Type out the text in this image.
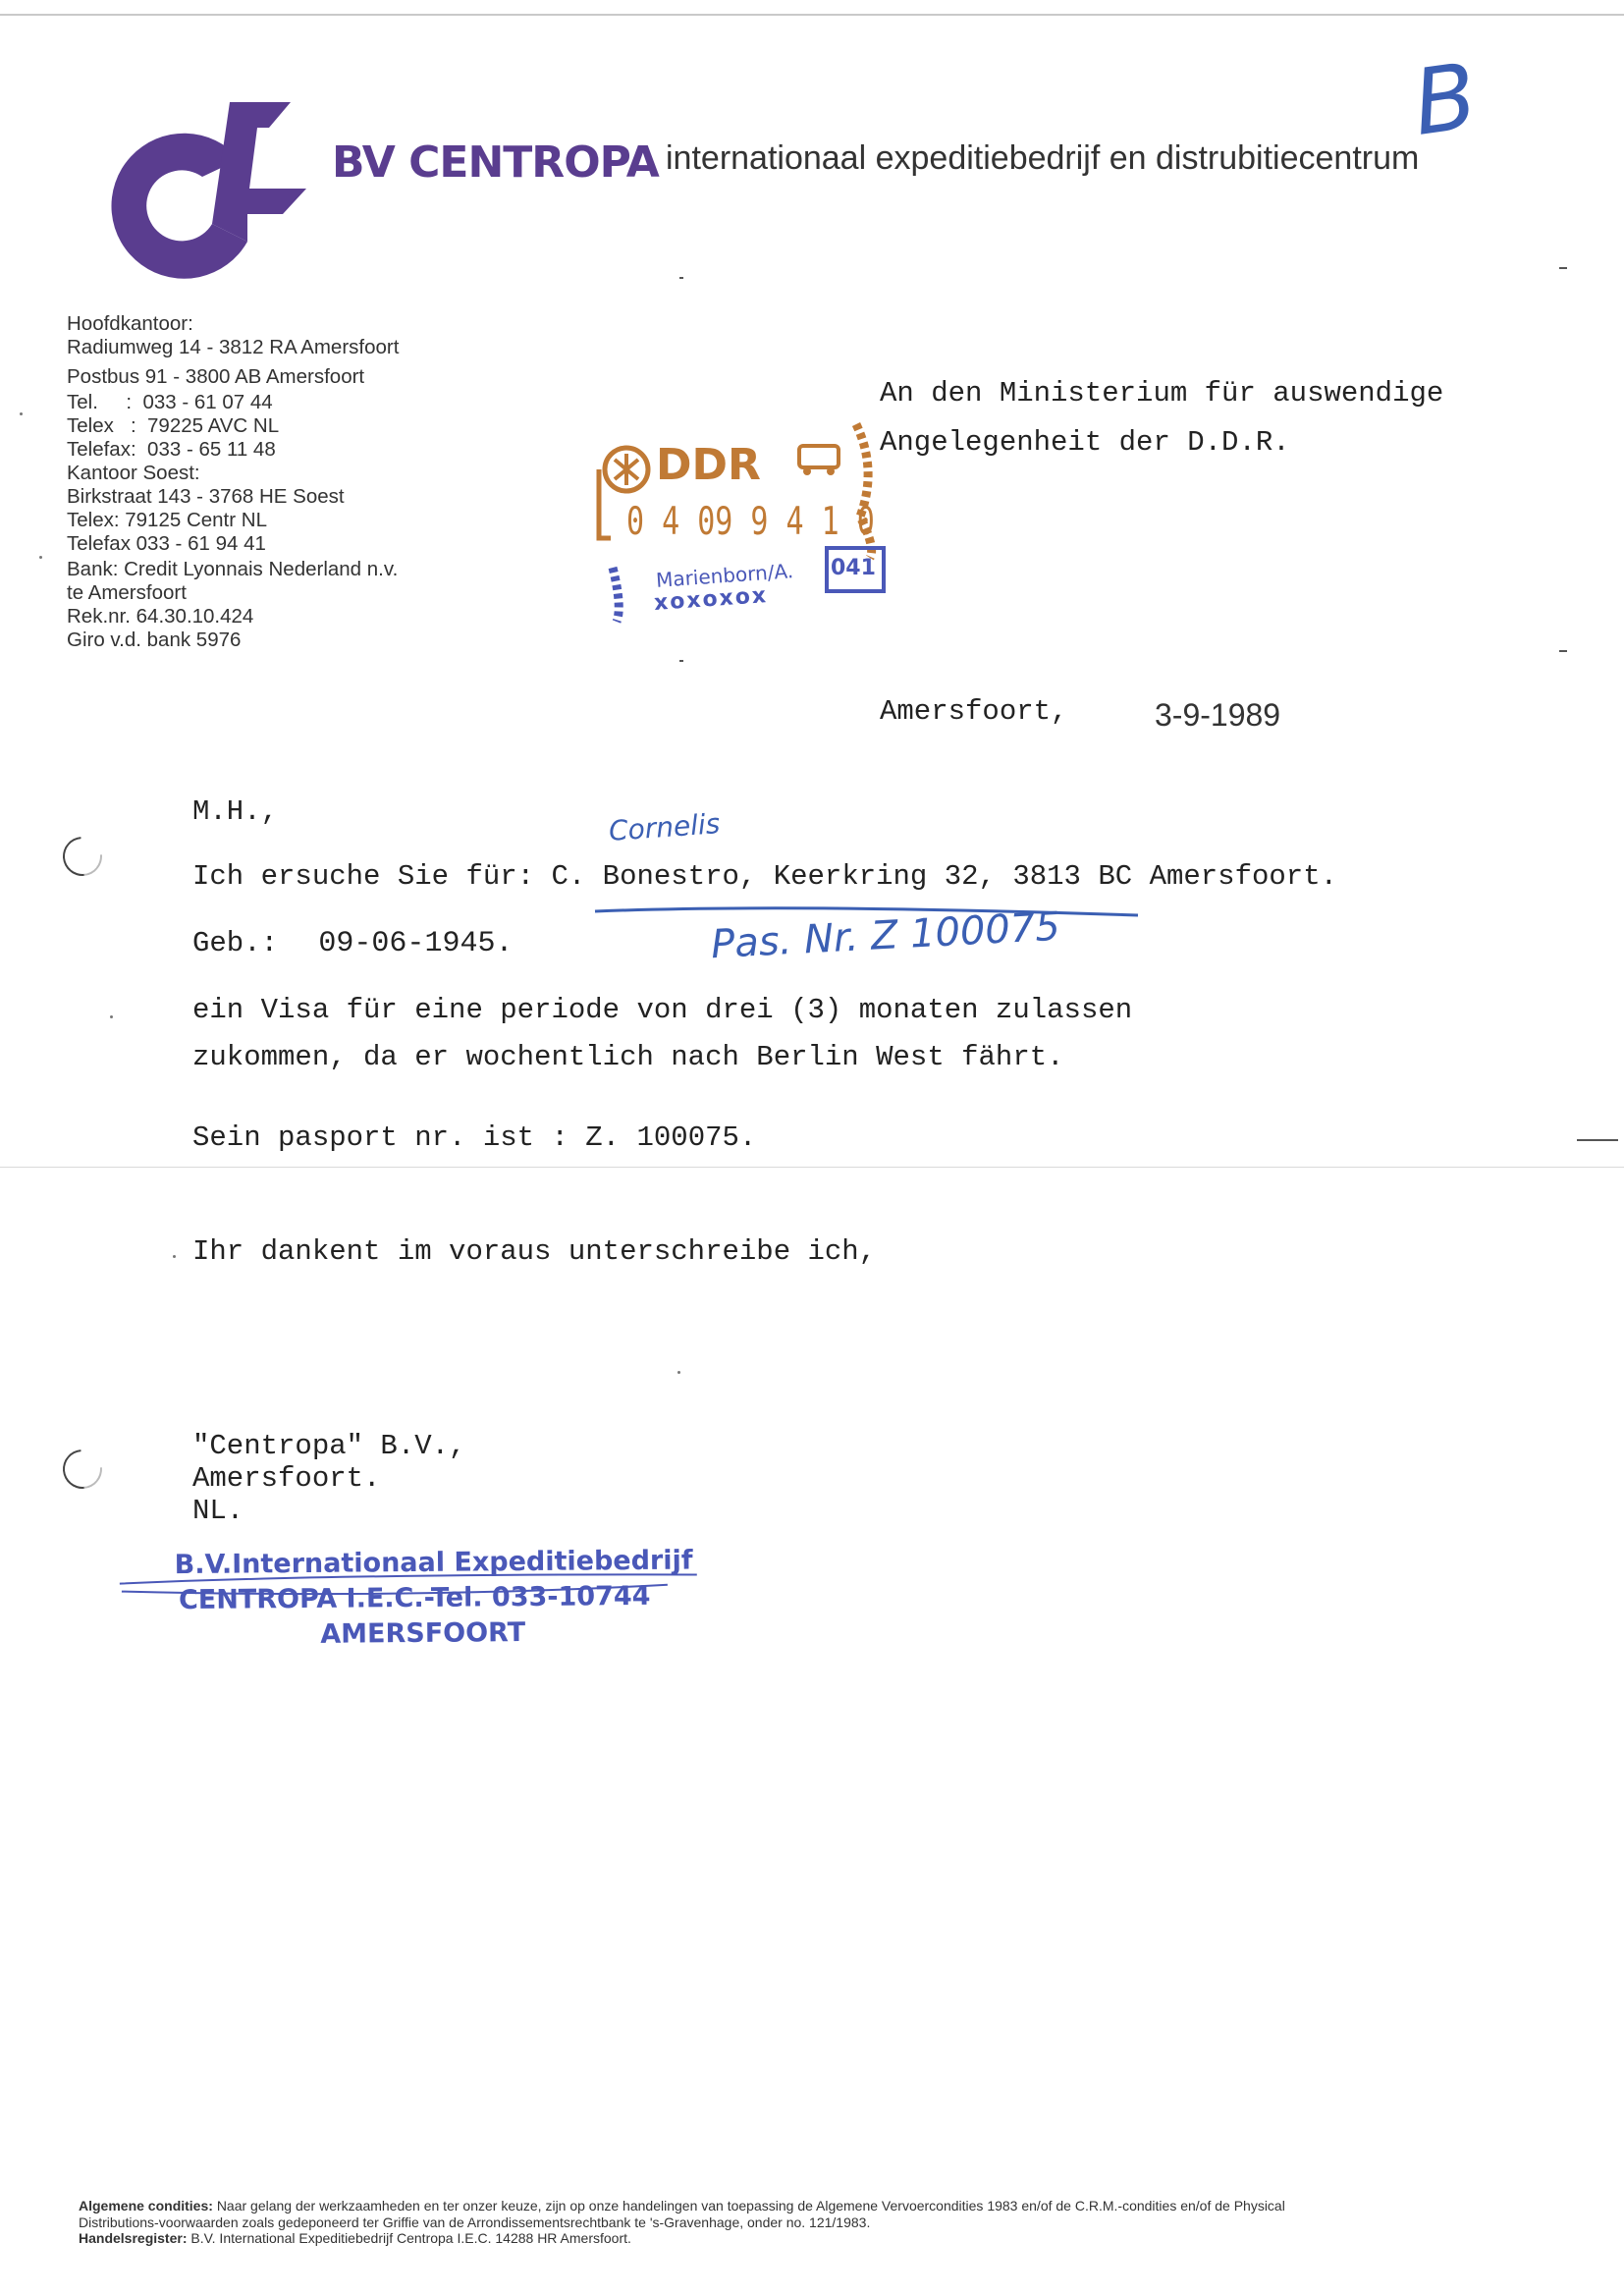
BV CENTROPA internationaal expeditiebedrijf en distrubitiecentrum
B
Hoofdkantoor:
Radiumweg 14 - 3812 RA Amersfoort
Postbus 91 - 3800 AB Amersfoort
Tel.     :  033 - 61 07 44
Telex   :  79225 AVC NL
Telefax:  033 - 65 11 48
Kantoor Soest:
Birkstraat 143 - 3768 HE Soest
Telex: 79125 Centr NL
Telefax 033 - 61 94 41
Bank: Credit Lyonnais Nederland n.v.
te Amersfoort
Rek.nr. 64.30.10.424
Giro v.d. bank 5976
An den Ministerium für auswendige
Angelegenheit der D.D.R.
DDR
0 4 09 9 4 1 0
Marienborn/A.
xoxoxox
041
Amersfoort,	3-9-1989
M.H.,	Cornelis
Ich ersuche Sie für: C. Bonestro, Keerkring 32, 3813 BC Amersfoort.
Geb.: 09-06-1945.	Pas. Nr. Z 100075
ein Visa für eine periode von drei (3) monaten zulassen
zukommen, da er wochentlich nach Berlin West fährt.
Sein pasport nr. ist : Z. 100075.
Ihr dankent im voraus unterschreibe ich,
"Centropa" B.V.,
Amersfoort.
NL.
B.V.Internationaal Expeditiebedrijf
CENTROPA I.E.C.-Tel. 033-10744
AMERSFOORT
Algemene condities: Naar gelang der werkzaamheden en ter onzer keuze, zijn op onze handelingen van toepassing de Algemene Vervoercondities 1983 en/of de C.R.M.-condities en/of de Physical
Distributions-voorwaarden zoals gedeponeerd ter Griffie van de Arrondissementsrechtbank te 's-Gravenhage, onder no. 121/1983.
Handelsregister: B.V. International Expeditiebedrijf Centropa I.E.C. 14288 HR Amersfoort.
